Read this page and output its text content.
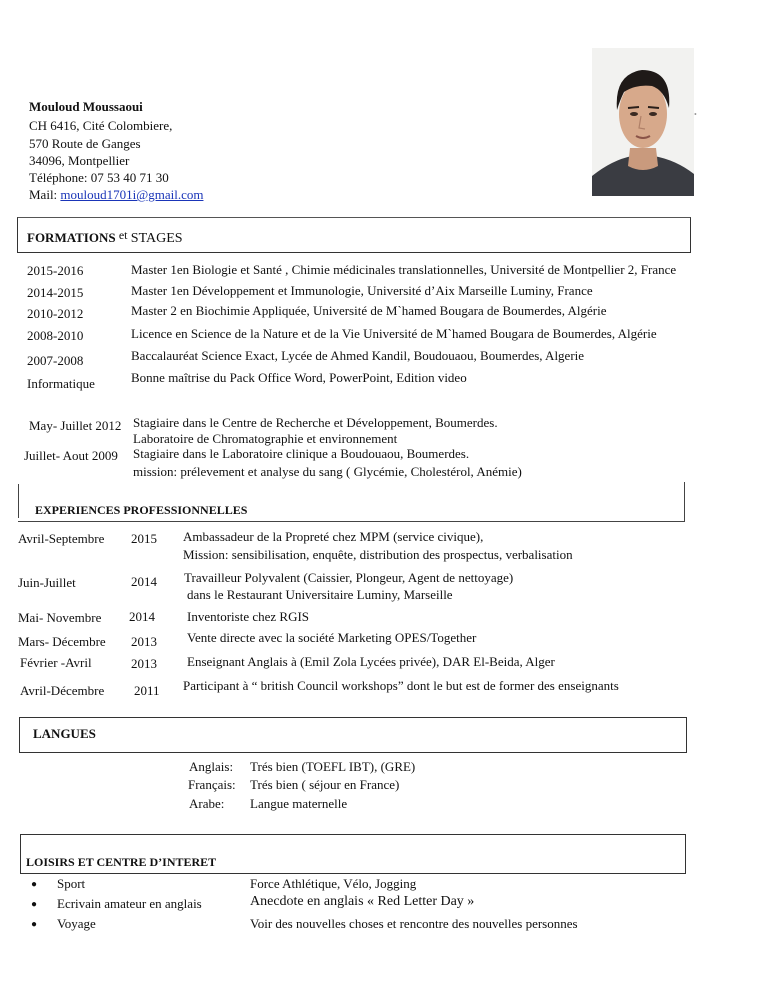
•
Mouloud Moussaoui
CH 6416, Cité Colombiere,
570 Route de Ganges
34096, Montpellier
Téléphone: 07 53 40 71 30
Mail: mouloud1701i@gmail.com
FORMATIONS et STAGES
2015-2016	Master 1en Biologie et Santé , Chimie médicinales translationnelles, Université de Montpellier 2, France
2014-2015	Master 1en Développement et Immunologie, Université d’Aix Marseille Luminy, France
2010-2012	Master 2 en Biochimie Appliquée, Université de M`hamed Bougara de Boumerdes, Algérie
2008-2010	Licence en Science de la Nature et de la Vie Université de M`hamed Bougara de Boumerdes, Algérie
2007-2008	Baccalauréat Science Exact, Lycée de Ahmed Kandil, Boudouaou, Boumerdes, Algerie
Informatique	Bonne maîtrise du Pack Office Word, PowerPoint, Edition video
May- Juillet 2012 Stagiaire dans le Centre de Recherche et Développement, Boumerdes.
Laboratoire de Chromatographie et environnement
Juillet- Aout 2009 Stagiaire dans le Laboratoire clinique a Boudouaou, Boumerdes.
mission: prélevement et analyse du sang ( Glycémie, Cholestérol, Anémie)
EXPERIENCES PROFESSIONNELLES
Avril-Septembre 2015 Ambassadeur de la Propreté chez MPM (service civique),
Mission: sensibilisation, enquête, distribution des prospectus, verbalisation
Juin-Juillet	2014 Travailleur Polyvalent (Caissier, Plongeur, Agent de nettoyage)
dans le Restaurant Universitaire Luminy, Marseille
Mai- Novembre 2014 Inventoriste chez RGIS
Mars- Décembre 2013 Vente directe avec la société Marketing OPES/Together
Février -Avril	2013 Enseignant Anglais à (Emil Zola Lycées privée), DAR El-Beida, Alger
Avril-Décembre 2011 Participant à “ british Council workshops” dont le but est de former des enseignants
LANGUES
Anglais: Trés bien (TOEFL IBT), (GRE)
Français: Trés bien ( séjour en France)
Arabe: Langue maternelle
LOISIRS ET CENTRE D’INTERET
● Sport	Force Athlétique, Vélo, Jogging
● Ecrivain amateur en anglais	Anecdote en anglais « Red Letter Day »
● Voyage	Voir des nouvelles choses et rencontre des nouvelles personnes
